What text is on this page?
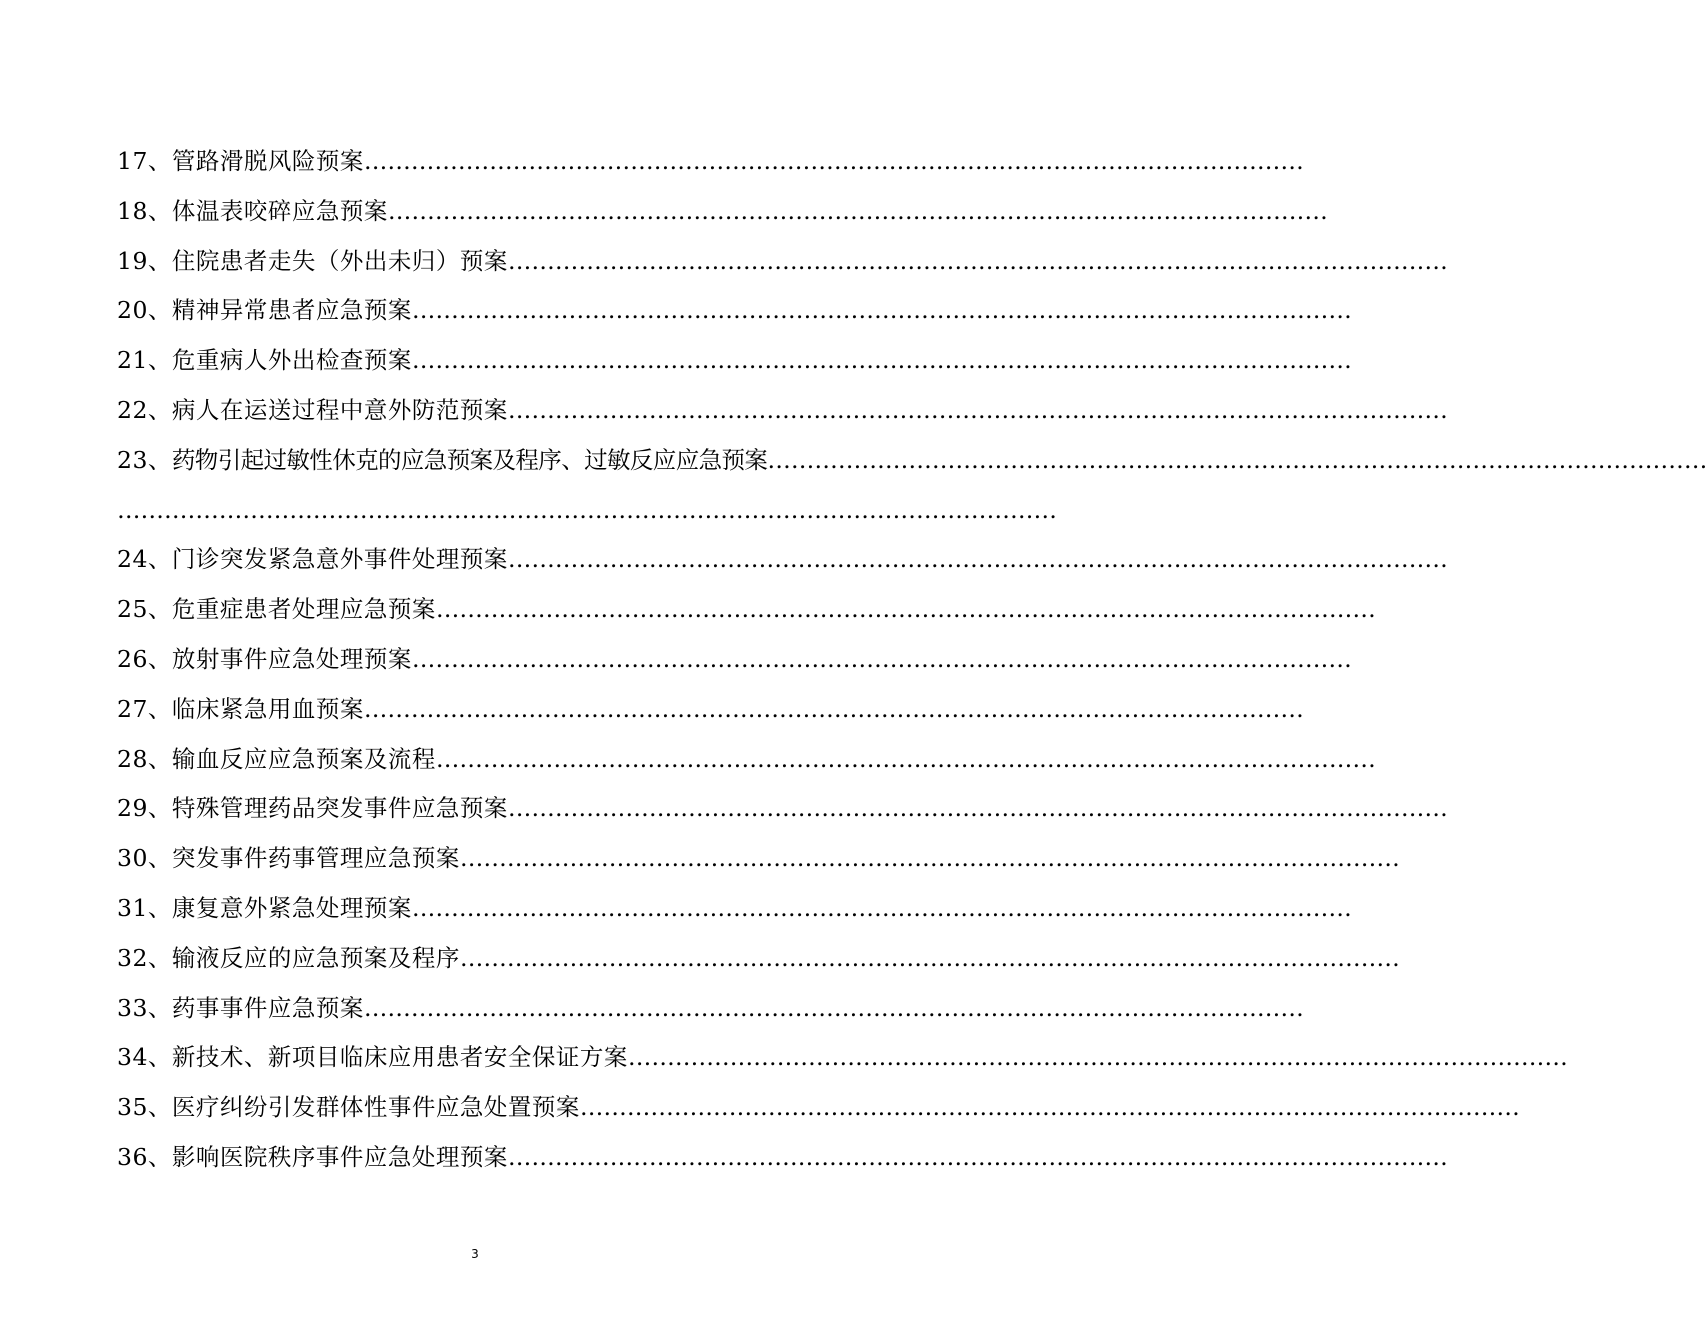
17、管路滑脱风险预案…………………………………………………………………………………………………………
18、体温表咬碎应急预案…………………………………………………………………………………………………………
19、住院患者走失（外出未归）预案…………………………………………………………………………………………………………
20、精神异常患者应急预案…………………………………………………………………………………………………………
21、危重病人外出检查预案…………………………………………………………………………………………………………
22、病人在运送过程中意外防范预案…………………………………………………………………………………………………………
23、药物引起过敏性休克的应急预案及程序、过敏反应应急预案…………………………………………………………………………………………………………
…………………………………………………………………………………………………………
24、门诊突发紧急意外事件处理预案…………………………………………………………………………………………………………
25、危重症患者处理应急预案…………………………………………………………………………………………………………
26、放射事件应急处理预案…………………………………………………………………………………………………………
27、临床紧急用血预案…………………………………………………………………………………………………………
28、输血反应应急预案及流程…………………………………………………………………………………………………………
29、特殊管理药品突发事件应急预案…………………………………………………………………………………………………………
30、突发事件药事管理应急预案…………………………………………………………………………………………………………
31、康复意外紧急处理预案…………………………………………………………………………………………………………
32、输液反应的应急预案及程序…………………………………………………………………………………………………………
33、药事事件应急预案…………………………………………………………………………………………………………
34、新技术、新项目临床应用患者安全保证方案…………………………………………………………………………………………………………
35、医疗纠纷引发群体性事件应急处置预案…………………………………………………………………………………………………………
36、影响医院秩序事件应急处理预案…………………………………………………………………………………………………………
3
